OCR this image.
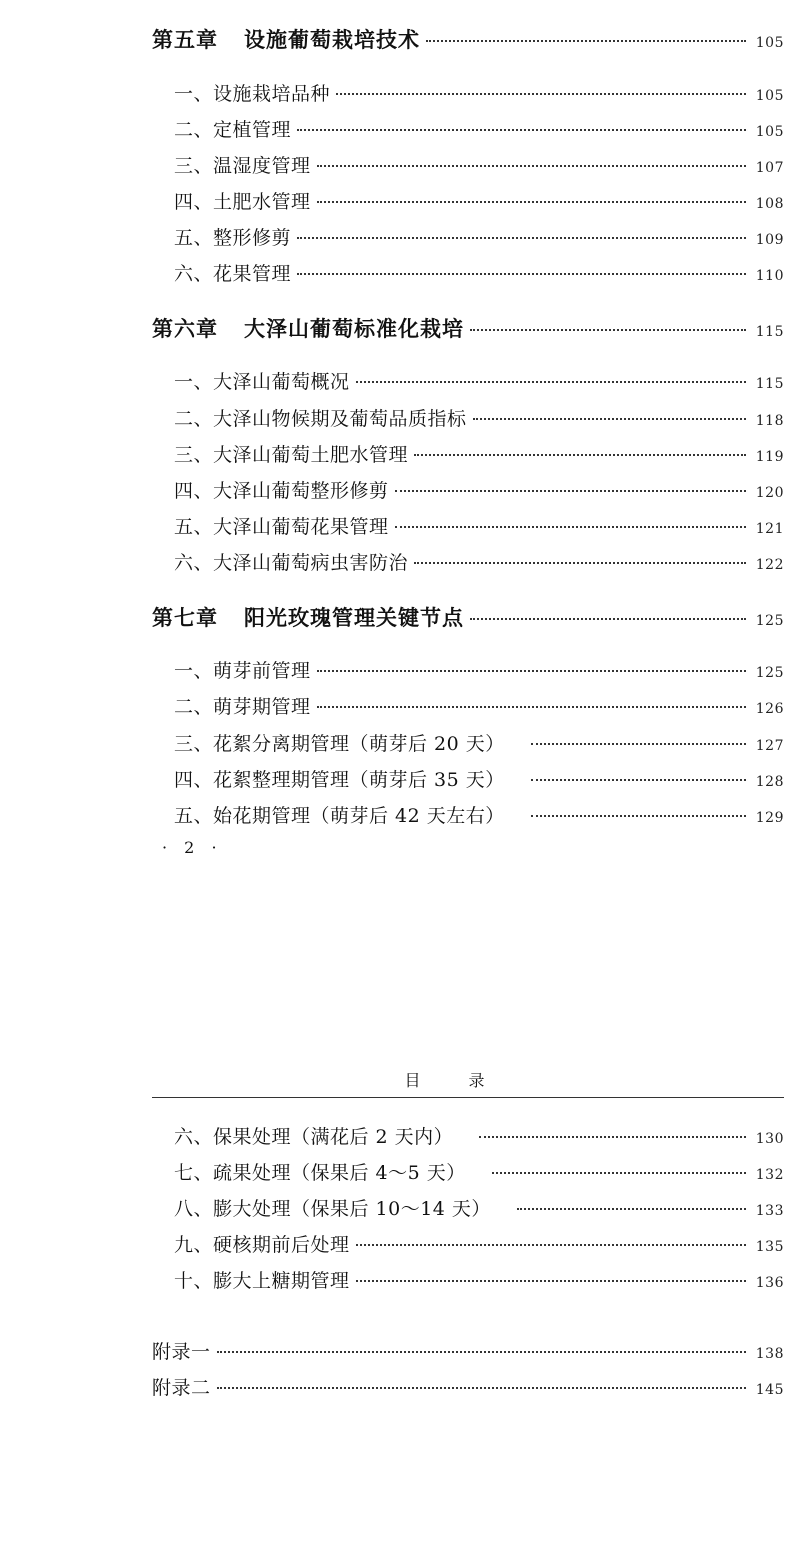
第五章 设施葡萄栽培技术	105
一、设施栽培品种	105
二、定植管理	105
三、温湿度管理	107
四、土肥水管理	108
五、整形修剪	109
六、花果管理	110
第六章 大泽山葡萄标准化栽培	115
一、大泽山葡萄概况	115
二、大泽山物候期及葡萄品质指标	118
三、大泽山葡萄土肥水管理	119
四、大泽山葡萄整形修剪	120
五、大泽山葡萄花果管理	121
六、大泽山葡萄病虫害防治	122
第七章 阳光玫瑰管理关键节点	125
一、萌芽前管理	125
二、萌芽期管理	126
三、花絮分离期管理（萌芽后 20 天）	127
四、花絮整理期管理（萌芽后 35 天）	128
五、始花期管理（萌芽后 42 天左右）	129
· 2 ·
目录
六、保果处理（满花后 2 天内）	130
七、疏果处理（保果后 4～5 天）	132
八、膨大处理（保果后 10～14 天）	133
九、硬核期前后处理	135
十、膨大上糖期管理	136
附录一	138
附录二	145
